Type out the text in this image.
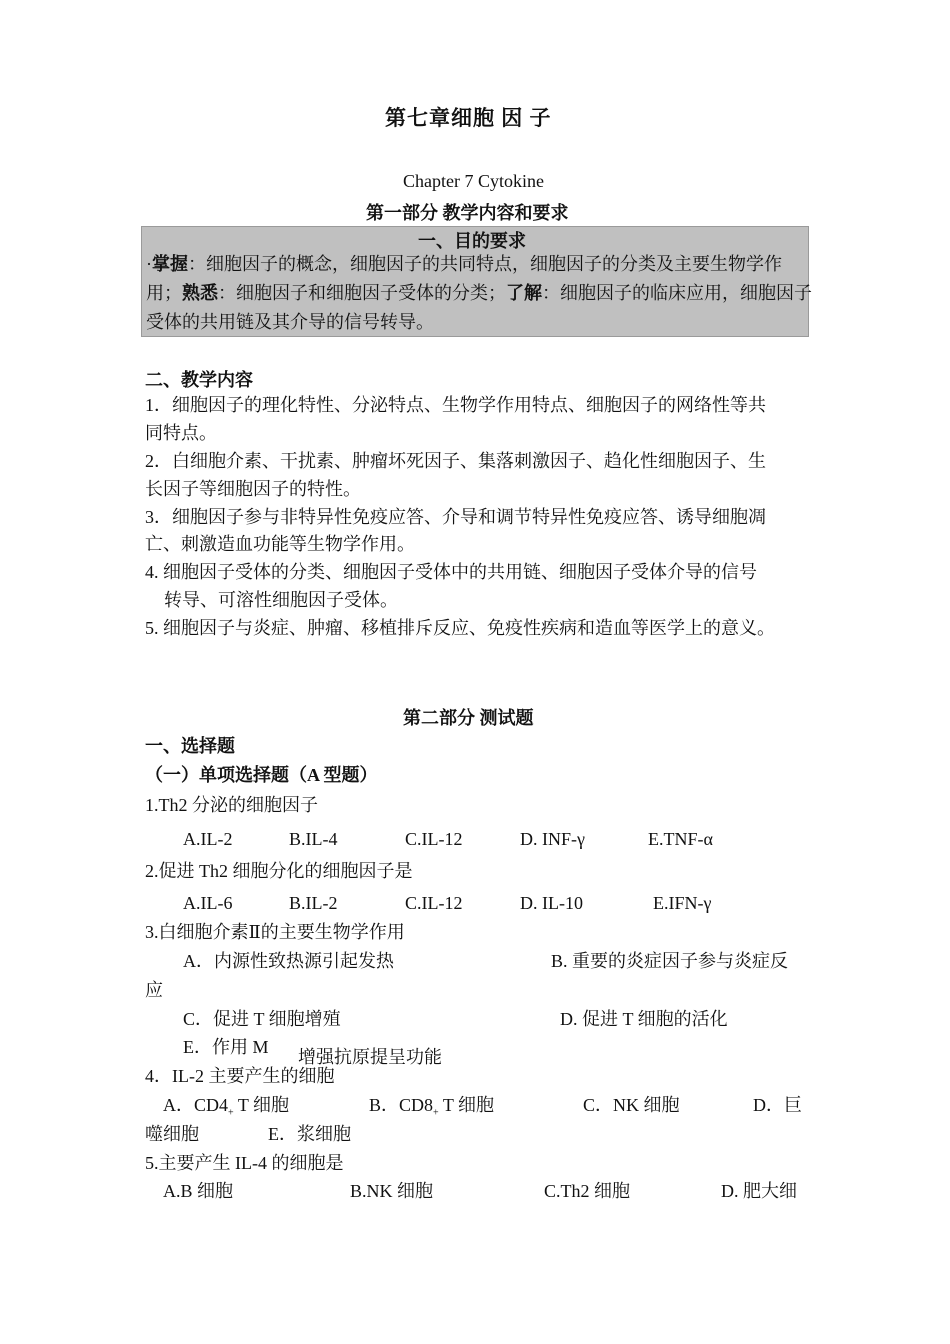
第七章细胞 因 子
Chapter 7 Cytokine
第一部分 教学内容和要求
一、目的要求
·掌握：细胞因子的概念，细胞因子的共同特点，细胞因子的分类及主要生物学作用；熟悉：细胞因子和细胞因子受体的分类；了解：细胞因子的临床应用，细胞因子受体的共用链及其介导的信号转导。
二、教学内容
1．细胞因子的理化特性、分泌特点、生物学作用特点、细胞因子的网络性等共
同特点。
2．白细胞介素、干扰素、肿瘤坏死因子、集落刺激因子、趋化性细胞因子、生
长因子等细胞因子的特性。
3．细胞因子参与非特异性免疫应答、介导和调节特异性免疫应答、诱导细胞凋
亡、刺激造血功能等生物学作用。
4. 细胞因子受体的分类、细胞因子受体中的共用链、细胞因子受体介导的信号
转导、可溶性细胞因子受体。
5. 细胞因子与炎症、肿瘤、移植排斥反应、免疫性疾病和造血等医学上的意义。
第二部分 测试题
一、选择题
（一）单项选择题（A 型题）
1.Th2 分泌的细胞因子
A.IL-2	B.IL-4	C.IL-12	D. INF-γ	E.TNF-α
2.促进 Th2 细胞分化的细胞因子是
A.IL-6	B.IL-2	C.IL-12	D. IL-10	E.IFN-γ
3.白细胞介素Ⅱ的主要生物学作用
A．内源性致热源引起发热	B. 重要的炎症因子参与炎症反
应
C．促进 T 细胞增殖	D. 促进 T 细胞的活化
E．作用 M 增强抗原提呈功能
4．IL-2 主要产生的细胞
A．$CD4_+$ T 细胞	B．$CD8_+$ T 细胞	C．NK 细胞	D．巨
噬细胞	E．浆细胞
5.主要产生 IL-4 的细胞是
A.B 细胞	B.NK 细胞	C.Th2 细胞	D. 肥大细
